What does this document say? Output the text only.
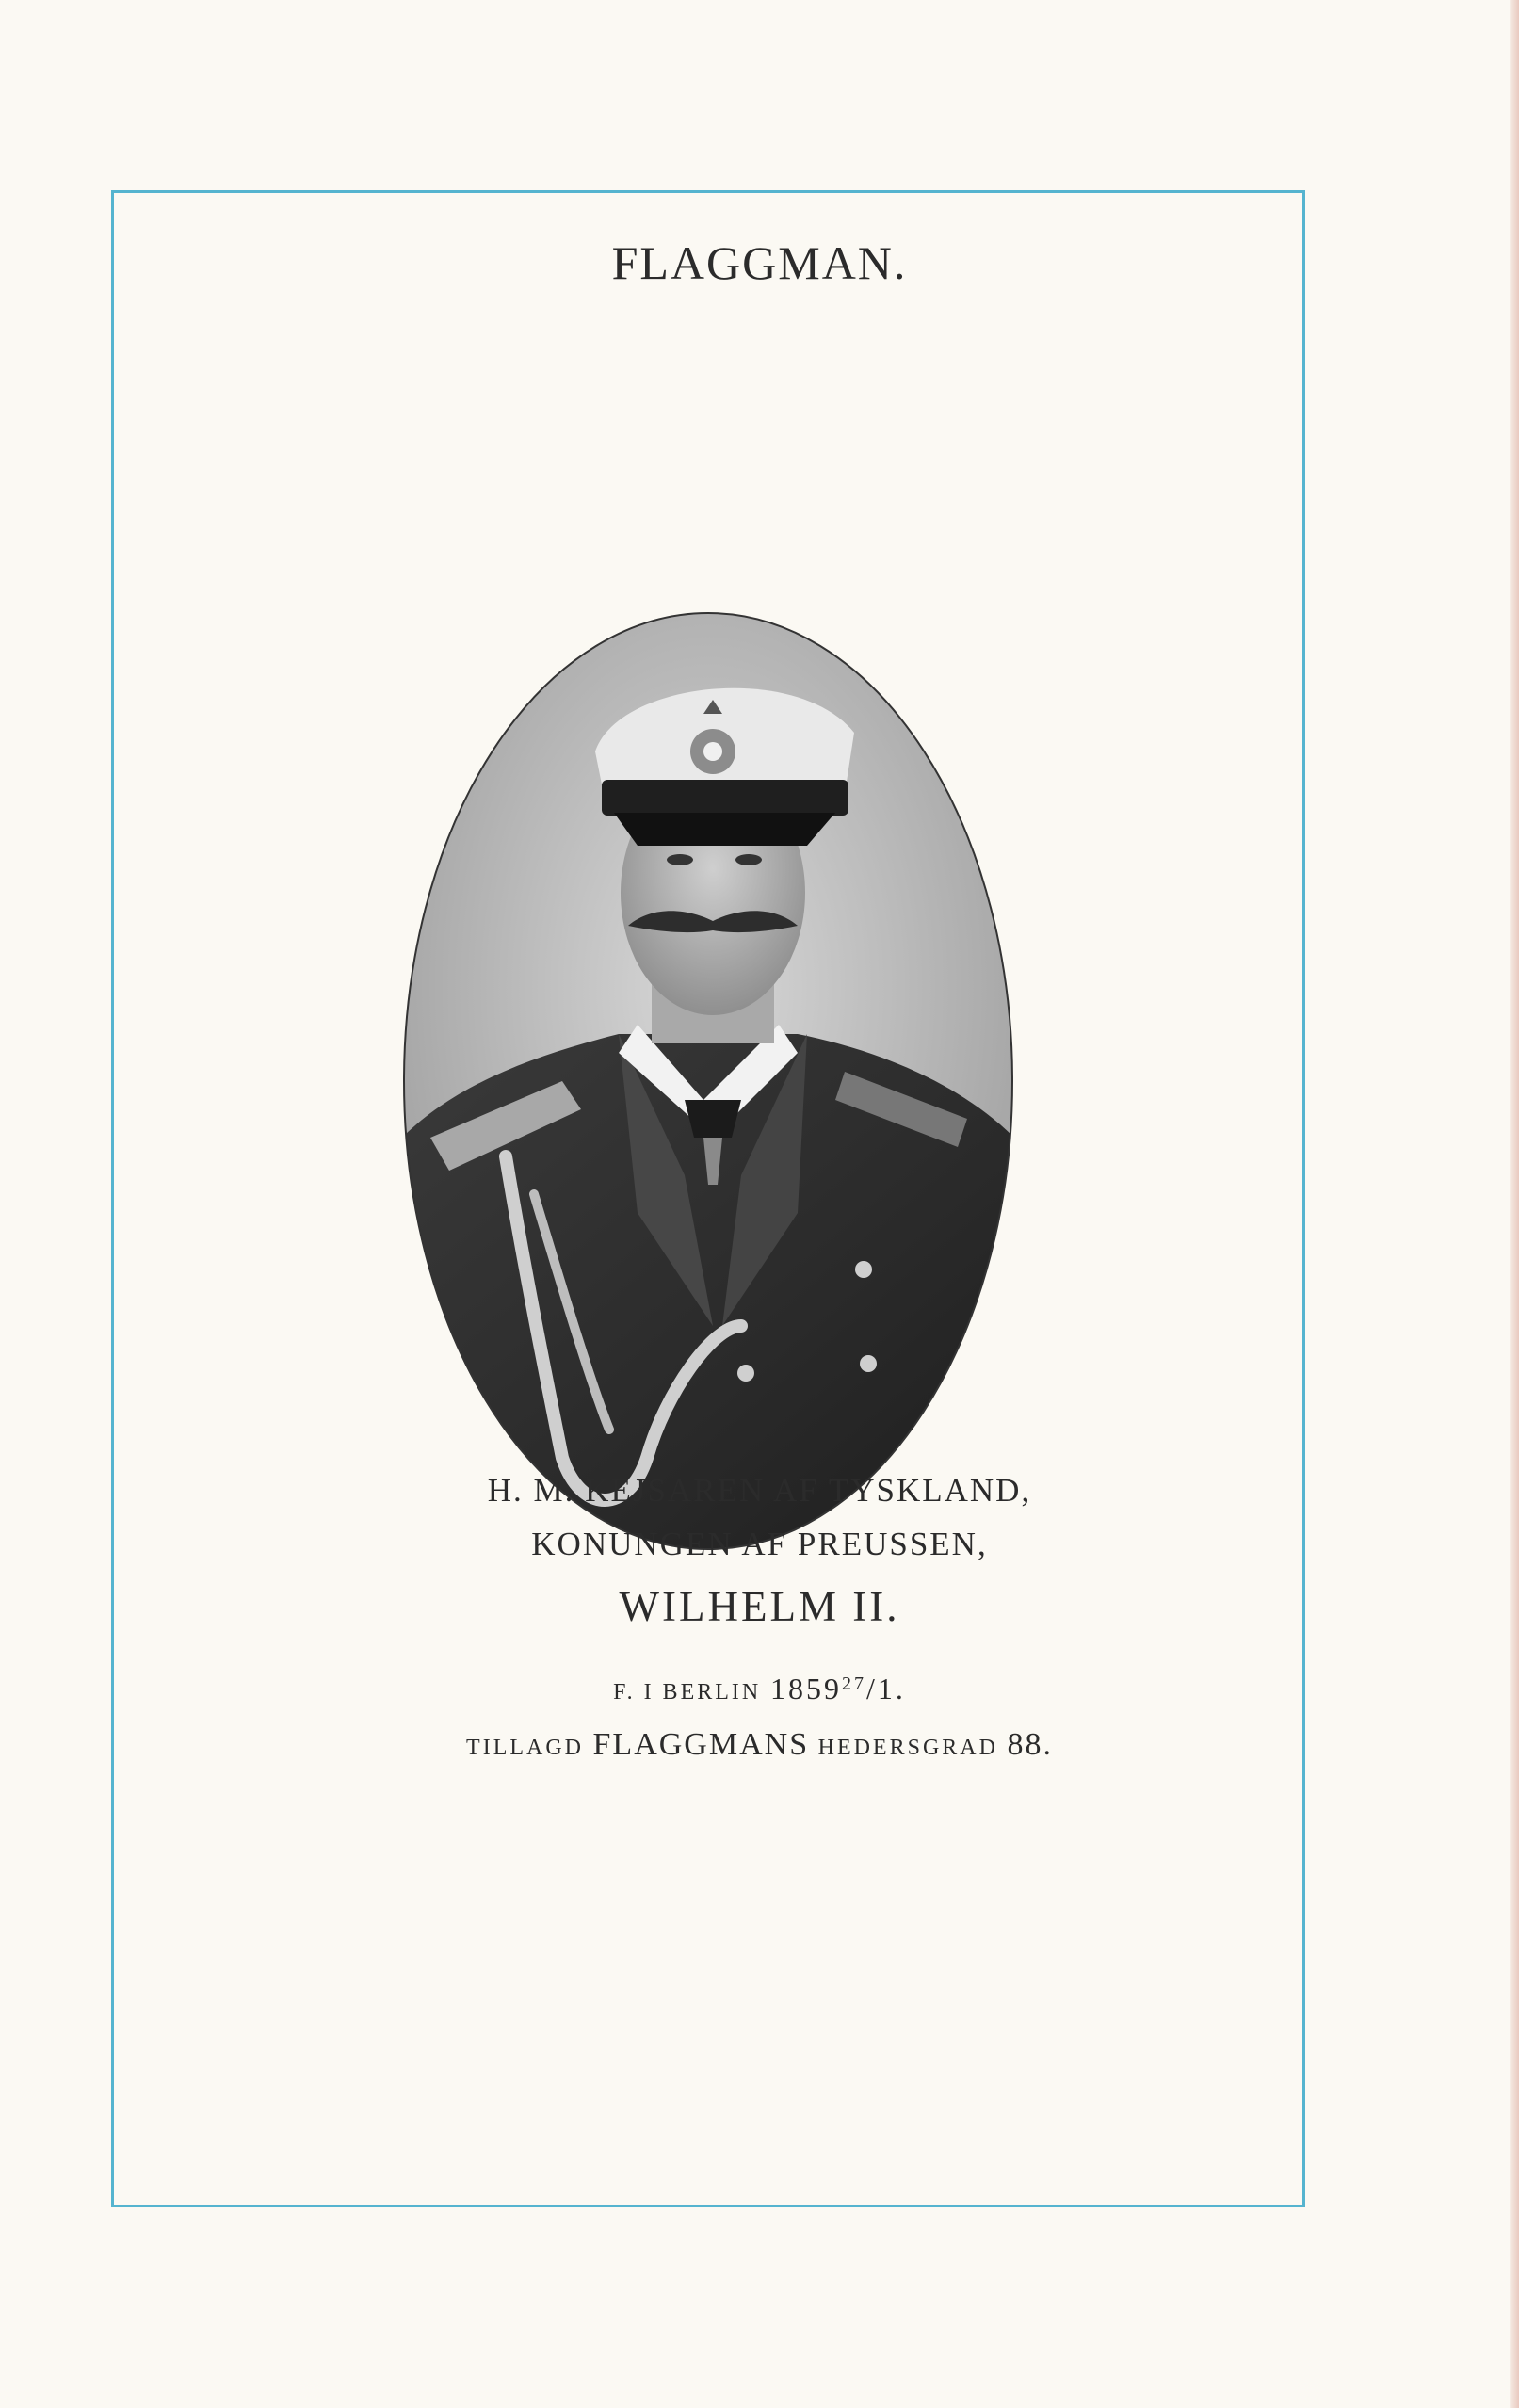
FLAGGMAN.
H. M. KEJSAREN AF TYSKLAND,
KONUNGEN AF PREUSSEN,
WILHELM II.
F. I BERLIN 1859$^{27}$/1.
TILLAGD FLAGGMANS HEDERSGRAD 88.
